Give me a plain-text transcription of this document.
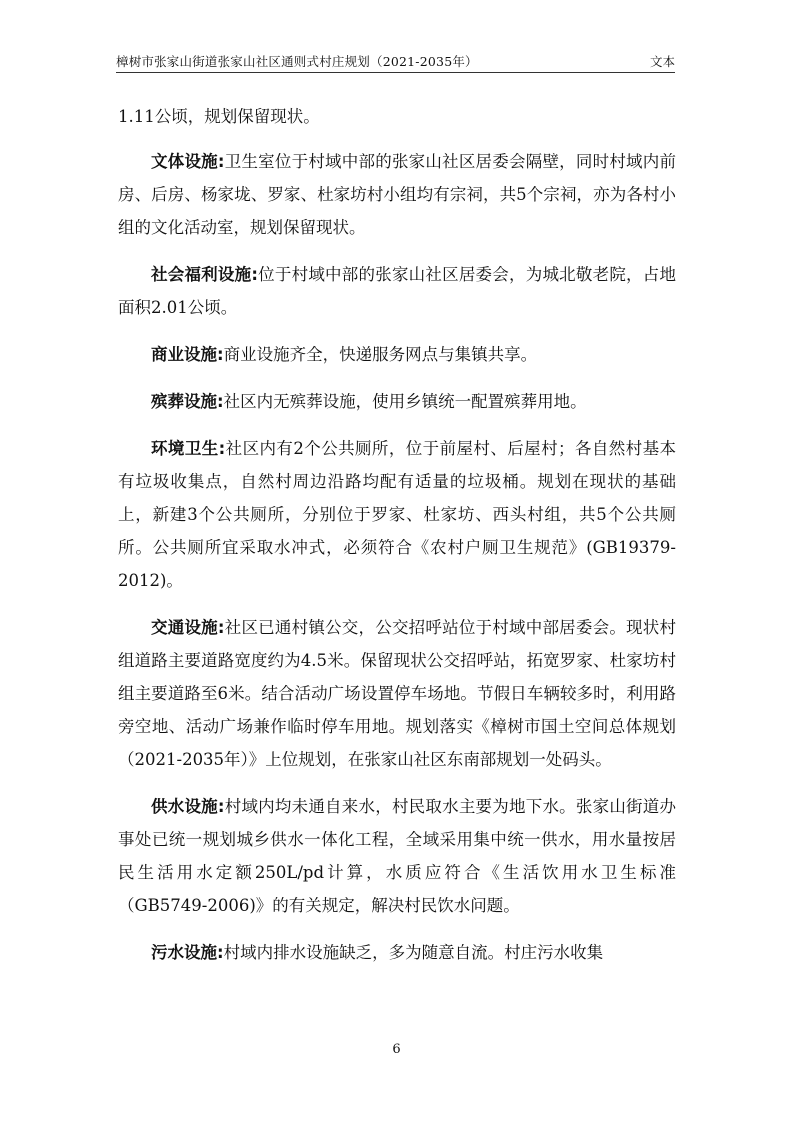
樟树市张家山街道张家山社区通则式村庄规划（2021-2035年）	文本

1.11公顷，规划保留现状。

文体设施:卫生室位于村域中部的张家山社区居委会隔壁，同时村域内前房、后房、杨家垅、罗家、杜家坊村小组均有宗祠，共5个宗祠，亦为各村小组的文化活动室，规划保留现状。

社会福利设施:位于村域中部的张家山社区居委会，为城北敬老院，占地面积2.01公顷。

商业设施:商业设施齐全，快递服务网点与集镇共享。

殡葬设施:社区内无殡葬设施，使用乡镇统一配置殡葬用地。

环境卫生:社区内有2个公共厕所，位于前屋村、后屋村；各自然村基本有垃圾收集点，自然村周边沿路均配有适量的垃圾桶。规划在现状的基础上，新建3个公共厕所，分别位于罗家、杜家坊、西头村组，共5个公共厕所。公共厕所宜采取水冲式，必须符合《农村户厕卫生规范》(GB19379-2012)。

交通设施:社区已通村镇公交，公交招呼站位于村域中部居委会。现状村组道路主要道路宽度约为4.5米。保留现状公交招呼站，拓宽罗家、杜家坊村组主要道路至6米。结合活动广场设置停车场地。节假日车辆较多时，利用路旁空地、活动广场兼作临时停车用地。规划落实《樟树市国土空间总体规划（2021-2035年）》上位规划，在张家山社区东南部规划一处码头。

供水设施:村域内均未通自来水，村民取水主要为地下水。张家山街道办事处已统一规划城乡供水一体化工程，全域采用集中统一供水，用水量按居民生活用水定额250L/pd计算，水质应符合《生活饮用水卫生标准（GB5749-2006)》的有关规定，解决村民饮水问题。

污水设施:村域内排水设施缺乏，多为随意自流。村庄污水收集

6
